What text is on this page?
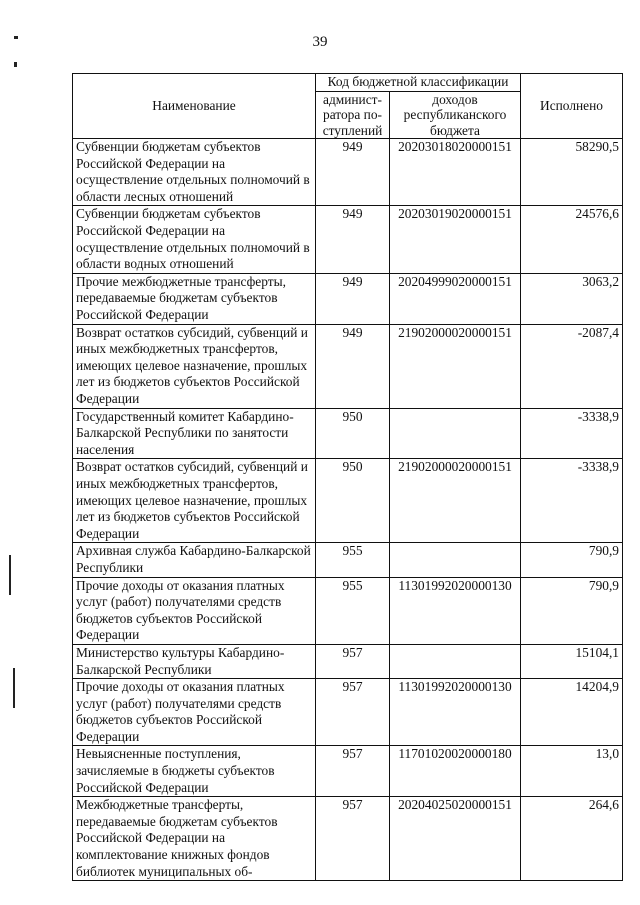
39
Наименование	Код бюджетной классификации		Исполнено
	админист-ратора по-ступлений	доходов республиканского бюджета	
Субвенции бюджетам субъектов Российской Федерации на осуществление отдельных полномочий в области лесных отношений	949	20203018020000151	58290,5
Субвенции бюджетам субъектов Российской Федерации на осуществление отдельных полномочий в области водных отношений	949	20203019020000151	24576,6
Прочие межбюджетные трансферты, передаваемые бюджетам субъектов Российской Федерации	949	20204999020000151	3063,2
Возврат остатков субсидий, субвенций и иных межбюджетных трансфертов, имеющих целевое назначение, прошлых лет из бюджетов субъектов Российской Федерации	949	21902000020000151	-2087,4
Государственный комитет Кабардино-Балкарской Республики по занятости населения	950		-3338,9
Возврат остатков субсидий, субвенций и иных межбюджетных трансфертов, имеющих целевое назначение, прошлых лет из бюджетов субъектов Российской Федерации	950	21902000020000151	-3338,9
Архивная служба Кабардино-Балкарской Республики	955		790,9
Прочие доходы от оказания платных услуг (работ) получателями средств бюджетов субъектов Российской Федерации	955	11301992020000130	790,9
Министерство культуры Кабардино-Балкарской Республики	957		15104,1
Прочие доходы от оказания платных услуг (работ) получателями средств бюджетов субъектов Российской Федерации	957	11301992020000130	14204,9
Невыясненные поступления, зачисляемые в бюджеты субъектов Российской Федерации	957	11701020020000180	13,0
Межбюджетные трансферты, передаваемые бюджетам субъектов Российской Федерации на комплектование книжных фондов библиотек муниципальных об-	957	20204025020000151	264,6
